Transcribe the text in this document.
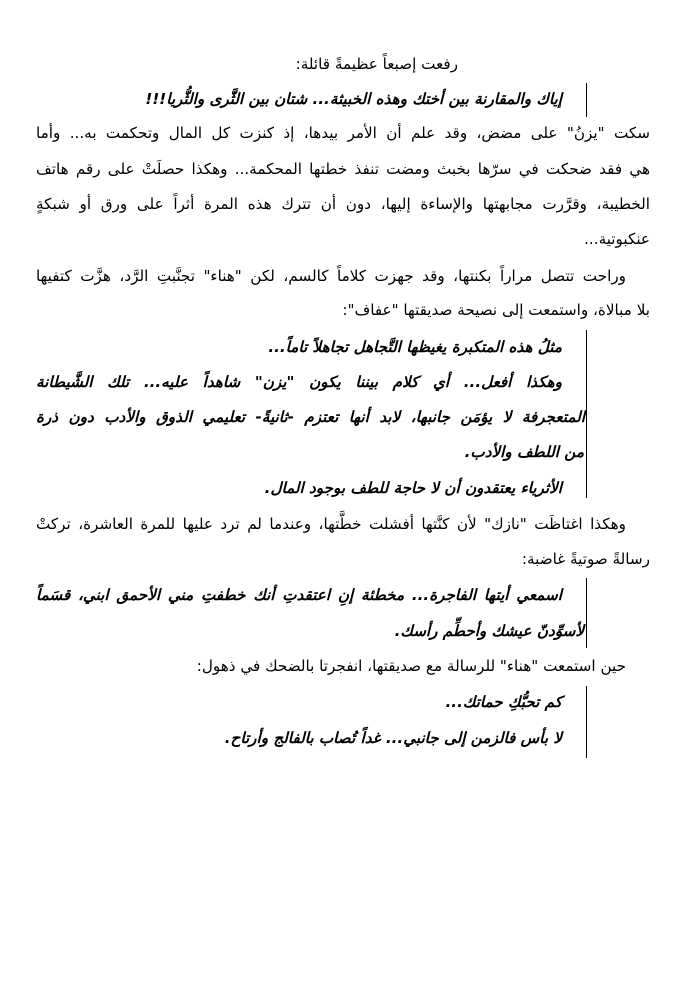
رفعت إصبعاً عظيمةً قائلة:
إياك والمقارنة بين أختك وهذه الخبيثة... شتان بين الثَّرى والثُّريا!!!
سكت "يزنُ" على مضض، وقد علم أن الأمر بيدها، إذ كنزت كل المال وتحكمت به... وأما
هي فقد ضحكت في سرّها بخبث ومضت تنفذ خطتها المحكمة... وهكذا حصلَتْ على رقم هاتف
الخطيبة، وقرَّرت مجابهتها والإساءة إليها، دون أن تترك هذه المرة أثراً على ورق أو شبكةٍ
عنكبوتية...
وراحت تتصل مراراً بكنتها، وقد جهزت كلاماً كالسم، لكن "هناء" تجنَّبتِ الرَّد، هزَّت كتفيها
بلا مبالاة، واستمعت إلى نصيحة صديقتها "عفاف":
مثلُ هذه المتكبرة يغيظها التَّجاهل تجاهلاً تاماً...
وهكذا أفعل... أي كلام بيننا يكون "يزن" شاهداً عليه... تلك الشَّيطانة
المتعجرفة لا يؤمَن جانبها، لابد أنها تعتزم -ثانيةً- تعليمي الذوق والأدب دون ذرة
من اللطف والأدب.
الأثرياء يعتقدون أن لا حاجة للطف بوجود المال.
وهكذا اغتاظَت "نازك" لأن كنَّتها أفشلت خطَّتها، وعندما لم ترد عليها للمرة العاشرة، تركتْ
رسالةً صوتيةً غاضبة:
اسمعي أيتها الفاجرة... مخطئة إنِ اعتقدتِ أنك خطفتِ مني الأحمق ابني، قسَماً
لأسوِّدنّ عيشك وأحطِّم رأسك.
حين استمعت "هناء" للرسالة مع صديقتها، انفجرتا بالضحك في ذهول:
كم تحبُّكِ حماتك...
لا بأس فالزمن إلى جانبي... غداً تُصاب بالفالج وأرتاح.
